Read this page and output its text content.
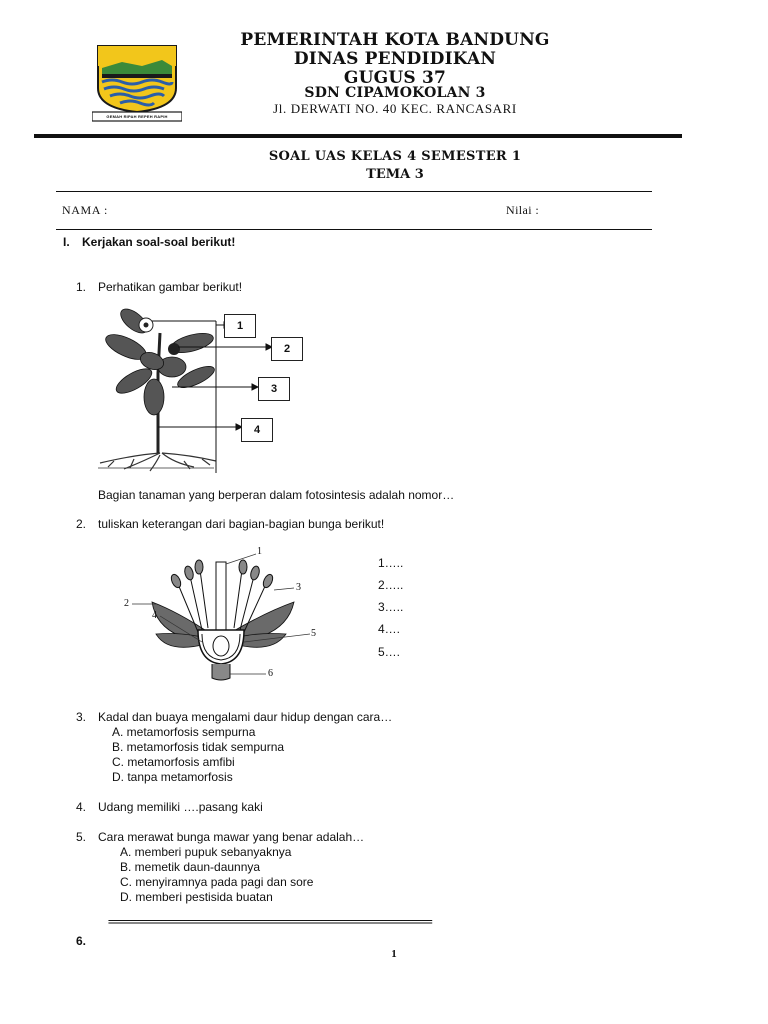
GEMAH RIPAH REPEH RAPIH
PEMERINTAH KOTA BANDUNG
DINAS PENDIDIKAN
GUGUS 37
SDN CIPAMOKOLAN 3
Jl. DERWATI NO. 40 KEC. RANCASARI
SOAL UAS KELAS 4 SEMESTER 1
TEMA 3
NAMA :	Nilai :
I. Kerjakan soal-soal berikut!
1. Perhatikan gambar berikut!
1
2
3
4
Bagian tanaman yang berperan dalam fotosintesis adalah nomor…
2. tuliskan keterangan dari bagian-bagian bunga berikut!
1
2
3
4
5
6
1…..
2…..
3…..
4….
5….
3. Kadal dan buaya mengalami daur hidup dengan cara…
A. metamorfosis sempurna
B. metamorfosis tidak sempurna
C. metamorfosis amfibi
D. tanpa metamorfosis
4. Udang memiliki ….pasang kaki
5. Cara merawat bunga mawar yang benar adalah…
A. memberi pupuk sebanyaknya
B. memetik daun-daunnya
C. menyiramnya pada pagi dan sore
D. memberi pestisida buatan
=====================================================================================
6.
1
